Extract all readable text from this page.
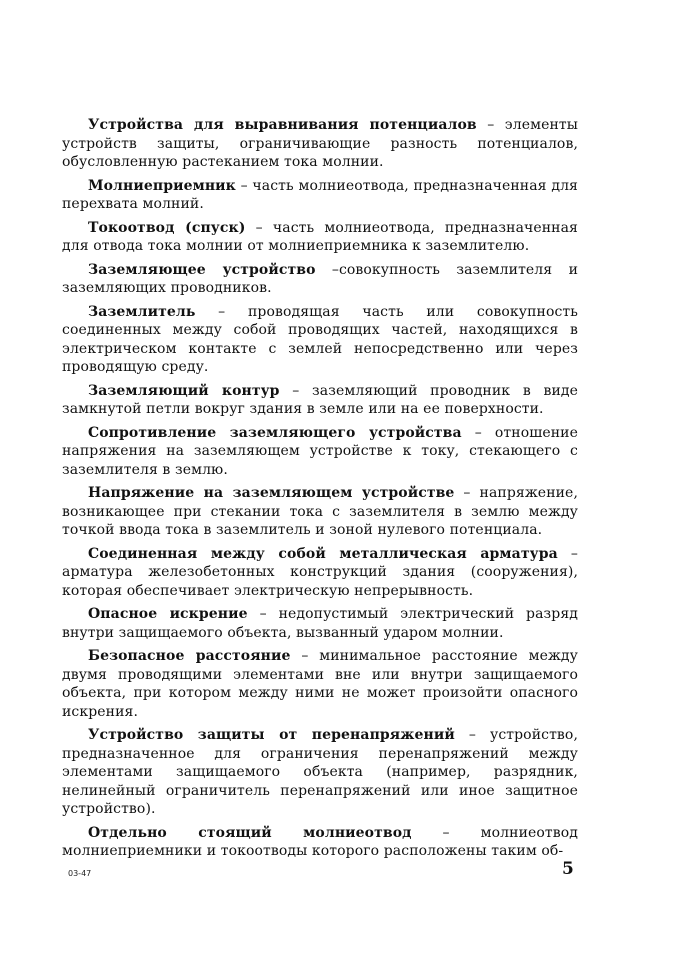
Устройства для выравнивания потенциалов – элементы устройств защиты, ограничивающие разность потенциалов, обусловленную растеканием тока молнии.

Молниеприемник – часть молниеотвода, предназначенная для перехвата молний.

Токоотвод (спуск) – часть молниеотвода, предназначенная для отвода тока молнии от молниеприемника к заземлителю.

Заземляющее устройство –совокупность заземлителя и заземляющих проводников.

Заземлитель – проводящая часть или совокупность соединенных между собой проводящих частей, находящихся в электрическом контакте с землей непосредственно или через проводящую среду.

Заземляющий контур – заземляющий проводник в виде замкнутой петли вокруг здания в земле или на ее поверхности.

Сопротивление заземляющего устройства – отношение напряжения на заземляющем устройстве к току, стекающего с заземлителя в землю.

Напряжение на заземляющем устройстве – напряжение, возникающее при стекании тока с заземлителя в землю между точкой ввода тока в заземлитель и зоной нулевого потенциала.

Соединенная между собой металлическая арматура – арматура железобетонных конструкций здания (сооружения), которая обеспечивает электрическую непрерывность.

Опасное искрение – недопустимый электрический разряд внутри защищаемого объекта, вызванный ударом молнии.

Безопасное расстояние – минимальное расстояние между двумя проводящими элементами вне или внутри защищаемого объекта, при котором между ними не может произойти опасного искрения.

Устройство защиты от перенапряжений – устройство, предназначенное для ограничения перенапряжений между элементами защищаемого объекта (например, разрядник, нелинейный ограничитель перенапряжений или иное защитное устройство).

Отдельно стоящий молниеотвод – молниеотвод молниеприемники и токоотводы которого расположены таким об-

03-47	5
